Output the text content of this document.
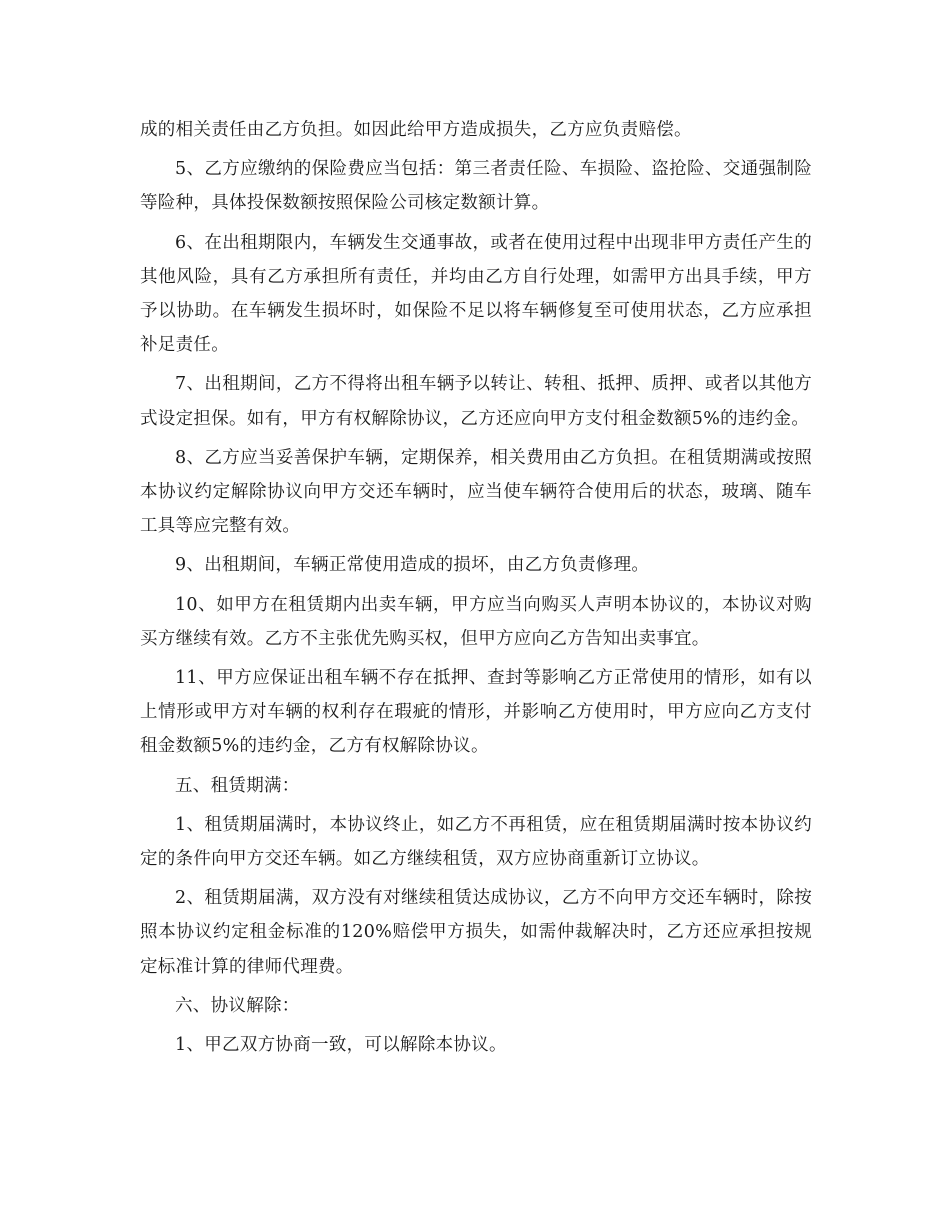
成的相关责任由乙方负担。如因此给甲方造成损失，乙方应负责赔偿。

5、乙方应缴纳的保险费应当包括：第三者责任险、车损险、盗抢险、交通强制险等险种，具体投保数额按照保险公司核定数额计算。

6、在出租期限内，车辆发生交通事故，或者在使用过程中出现非甲方责任产生的其他风险，具有乙方承担所有责任，并均由乙方自行处理，如需甲方出具手续，甲方予以协助。在车辆发生损坏时，如保险不足以将车辆修复至可使用状态，乙方应承担补足责任。

7、出租期间，乙方不得将出租车辆予以转让、转租、抵押、质押、或者以其他方式设定担保。如有，甲方有权解除协议，乙方还应向甲方支付租金数额5%的违约金。

8、乙方应当妥善保护车辆，定期保养，相关费用由乙方负担。在租赁期满或按照本协议约定解除协议向甲方交还车辆时，应当使车辆符合使用后的状态，玻璃、随车工具等应完整有效。

9、出租期间，车辆正常使用造成的损坏，由乙方负责修理。

10、如甲方在租赁期内出卖车辆，甲方应当向购买人声明本协议的，本协议对购买方继续有效。乙方不主张优先购买权，但甲方应向乙方告知出卖事宜。

11、甲方应保证出租车辆不存在抵押、查封等影响乙方正常使用的情形，如有以上情形或甲方对车辆的权利存在瑕疵的情形，并影响乙方使用时，甲方应向乙方支付租金数额5%的违约金，乙方有权解除协议。

五、租赁期满：

1、租赁期届满时，本协议终止，如乙方不再租赁，应在租赁期届满时按本协议约定的条件向甲方交还车辆。如乙方继续租赁，双方应协商重新订立协议。

2、租赁期届满，双方没有对继续租赁达成协议，乙方不向甲方交还车辆时，除按照本协议约定租金标准的120%赔偿甲方损失，如需仲裁解决时，乙方还应承担按规定标准计算的律师代理费。

六、协议解除：

1、甲乙双方协商一致，可以解除本协议。
